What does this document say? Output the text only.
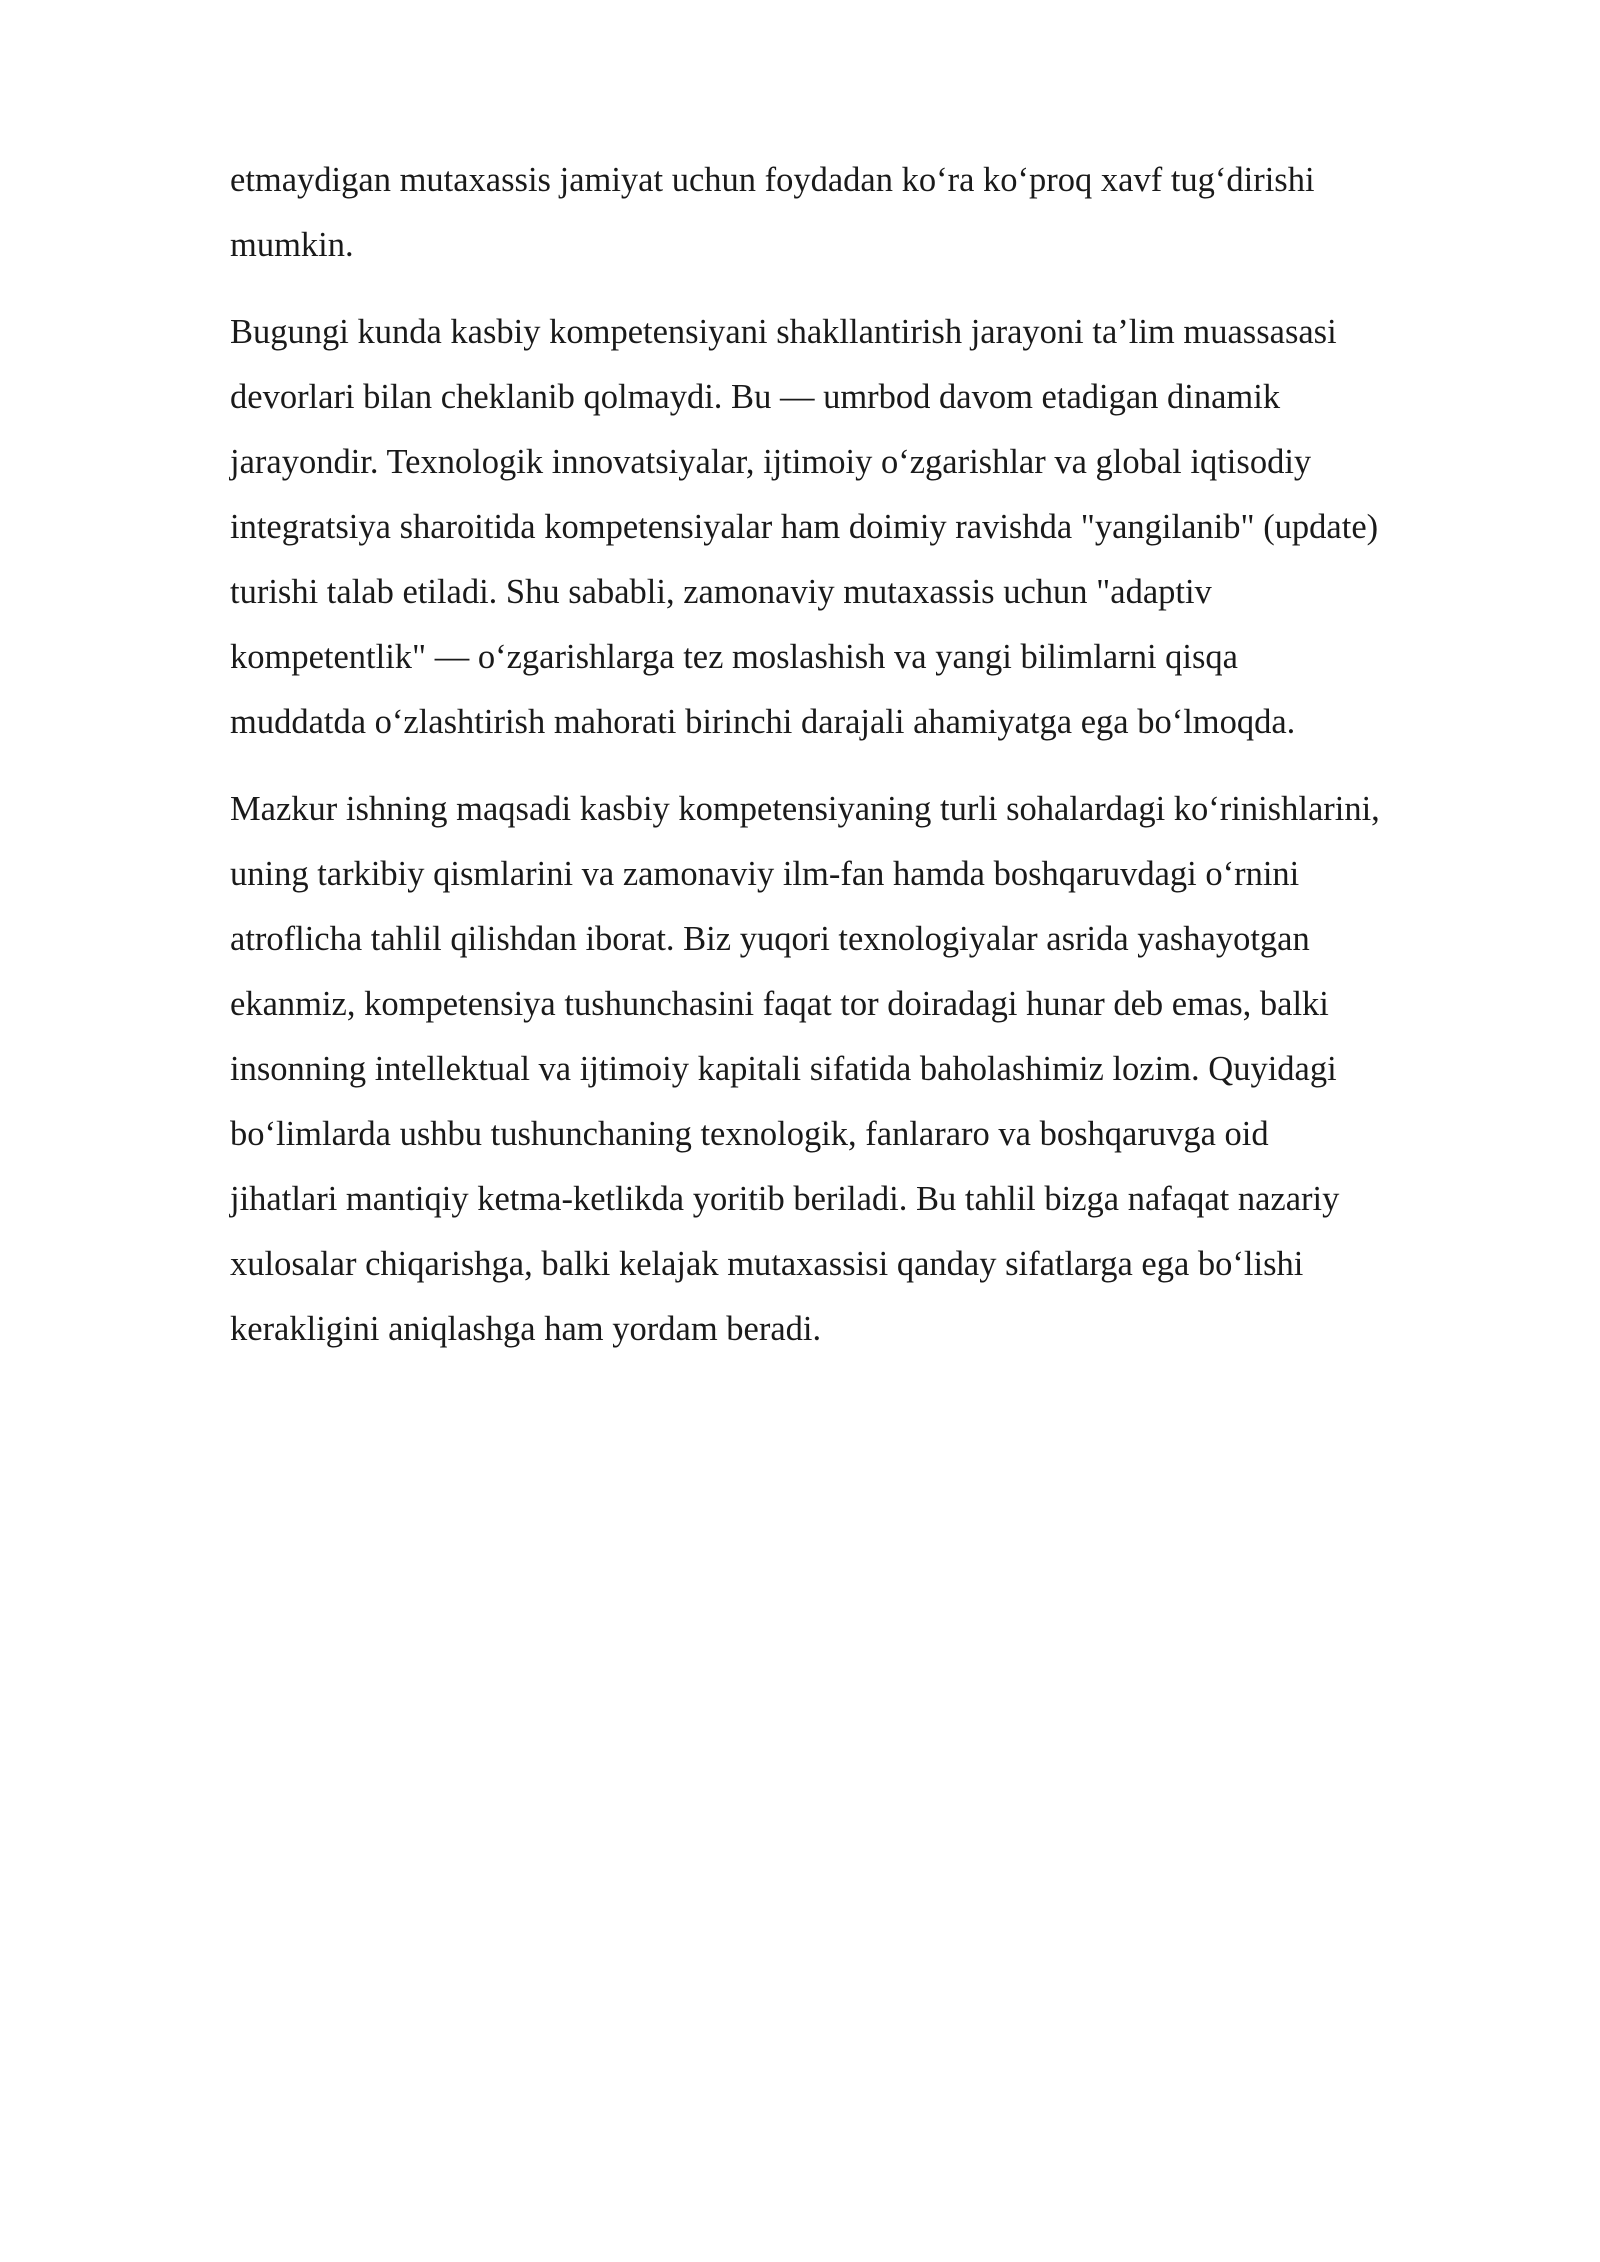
etmaydigan mutaxassis jamiyat uchun foydadan koʻra koʻproq xavf tugʻdirishi
mumkin.

Bugungi kunda kasbiy kompetensiyani shakllantirish jarayoni ta’lim muassasasi
devorlari bilan cheklanib qolmaydi. Bu — umrbod davom etadigan dinamik
jarayondir. Texnologik innovatsiyalar, ijtimoiy oʻzgarishlar va global iqtisodiy
integratsiya sharoitida kompetensiyalar ham doimiy ravishda "yangilanib" (update)
turishi talab etiladi. Shu sababli, zamonaviy mutaxassis uchun "adaptiv
kompetentlik" — oʻzgarishlarga tez moslashish va yangi bilimlarni qisqa
muddatda oʻzlashtirish mahorati birinchi darajali ahamiyatga ega boʻlmoqda.

Mazkur ishning maqsadi kasbiy kompetensiyaning turli sohalardagi koʻrinishlarini,
uning tarkibiy qismlarini va zamonaviy ilm-fan hamda boshqaruvdagi oʻrnini
atroflicha tahlil qilishdan iborat. Biz yuqori texnologiyalar asrida yashayotgan
ekanmiz, kompetensiya tushunchasini faqat tor doiradagi hunar deb emas, balki
insonning intellektual va ijtimoiy kapitali sifatida baholashimiz lozim. Quyidagi
boʻlimlarda ushbu tushunchaning texnologik, fanlararo va boshqaruvga oid
jihatlari mantiqiy ketma-ketlikda yoritib beriladi. Bu tahlil bizga nafaqat nazariy
xulosalar chiqarishga, balki kelajak mutaxassisi qanday sifatlarga ega boʻlishi
kerakligini aniqlashga ham yordam beradi.
